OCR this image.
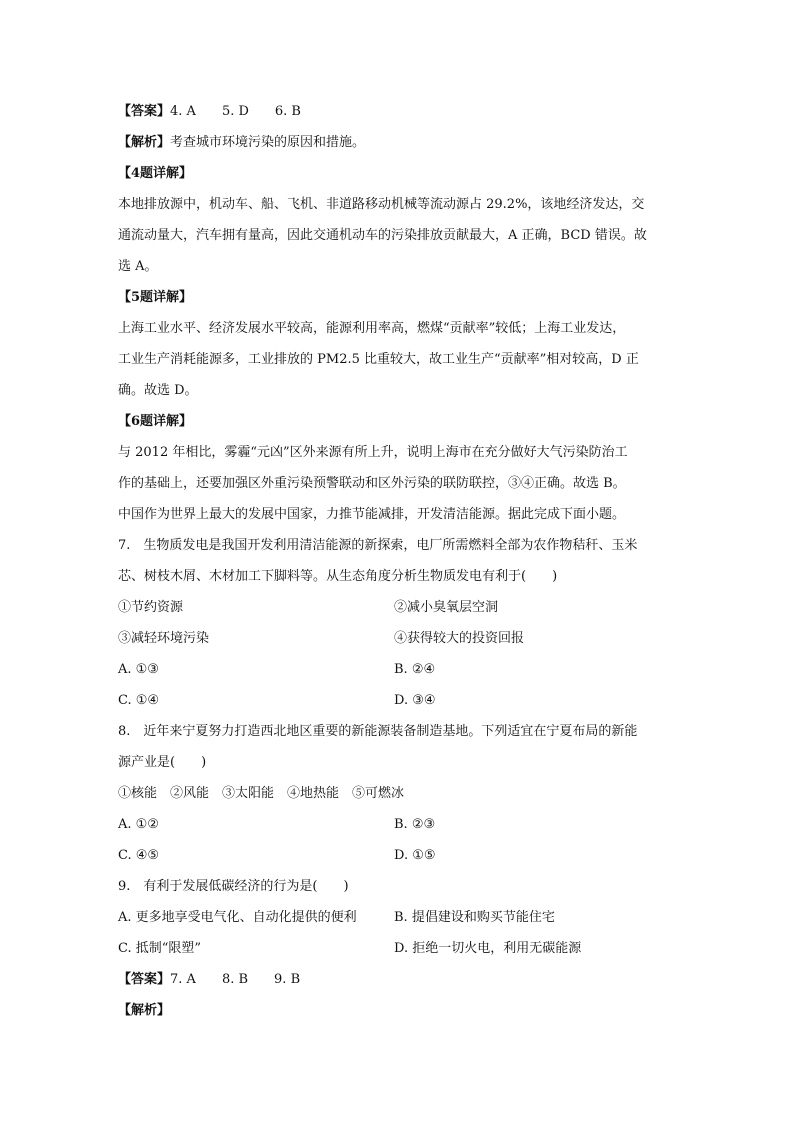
【答案】4. A　　5. D　　6. B
【解析】考查城市环境污染的原因和措施。
【4题详解】
本地排放源中，机动车、船、飞机、非道路移动机械等流动源占 29.2%，该地经济发达，交
通流动量大，汽车拥有量高，因此交通机动车的污染排放贡献最大，A 正确，BCD 错误。故
选 A。
【5题详解】
上海工业水平、经济发展水平较高，能源利用率高，燃煤“贡献率”较低；上海工业发达，
工业生产消耗能源多，工业排放的 PM2.5 比重较大，故工业生产“贡献率”相对较高，D 正
确。故选 D。
【6题详解】
与 2012 年相比，雾霾“元凶”区外来源有所上升，说明上海市在充分做好大气污染防治工
作的基础上，还要加强区外重污染预警联动和区外污染的联防联控，③④正确。故选 B。
中国作为世界上最大的发展中国家，力推节能减排，开发清洁能源。据此完成下面小题。
7.　生物质发电是我国开发利用清洁能源的新探索，电厂所需燃料全部为农作物秸秆、玉米
芯、树枝木屑、木材加工下脚料等。从生态角度分析生物质发电有利于(　　)
①节约资源	②减小臭氧层空洞
③减轻环境污染	④获得较大的投资回报
A. ①③	B. ②④
C. ①④	D. ③④
8.　近年来宁夏努力打造西北地区重要的新能源装备制造基地。下列适宜在宁夏布局的新能
源产业是(　　)
①核能　②风能　③太阳能　④地热能　⑤可燃冰
A. ①②	B. ②③
C. ④⑤	D. ①⑤
9.　有利于发展低碳经济的行为是(　　)
A. 更多地享受电气化、自动化提供的便利	B. 提倡建设和购买节能住宅
C. 抵制“限塑”	D. 拒绝一切火电，利用无碳能源
【答案】7. A　　8. B　　9. B
【解析】
